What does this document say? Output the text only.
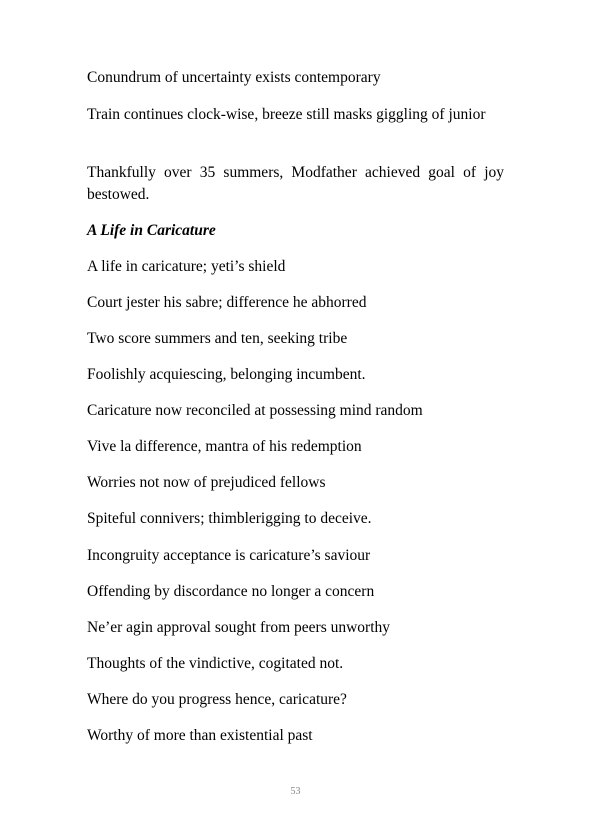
Conundrum of uncertainty exists contemporary

Train continues clock-wise, breeze still masks giggling of junior

Thankfully over 35 summers, Modfather achieved goal of joy bestowed.

A Life in Caricature

A life in caricature; yeti’s shield

Court jester his sabre; difference he abhorred

Two score summers and ten, seeking tribe

Foolishly acquiescing, belonging incumbent.

Caricature now reconciled at possessing mind random

Vive la difference, mantra of his redemption

Worries not now of prejudiced fellows

Spiteful connivers; thimblerigging to deceive.

Incongruity acceptance is caricature’s saviour

Offending by discordance no longer a concern

Ne’er agin approval sought from peers unworthy

Thoughts of the vindictive, cogitated not.

Where do you progress hence, caricature?

Worthy of more than existential past

53
